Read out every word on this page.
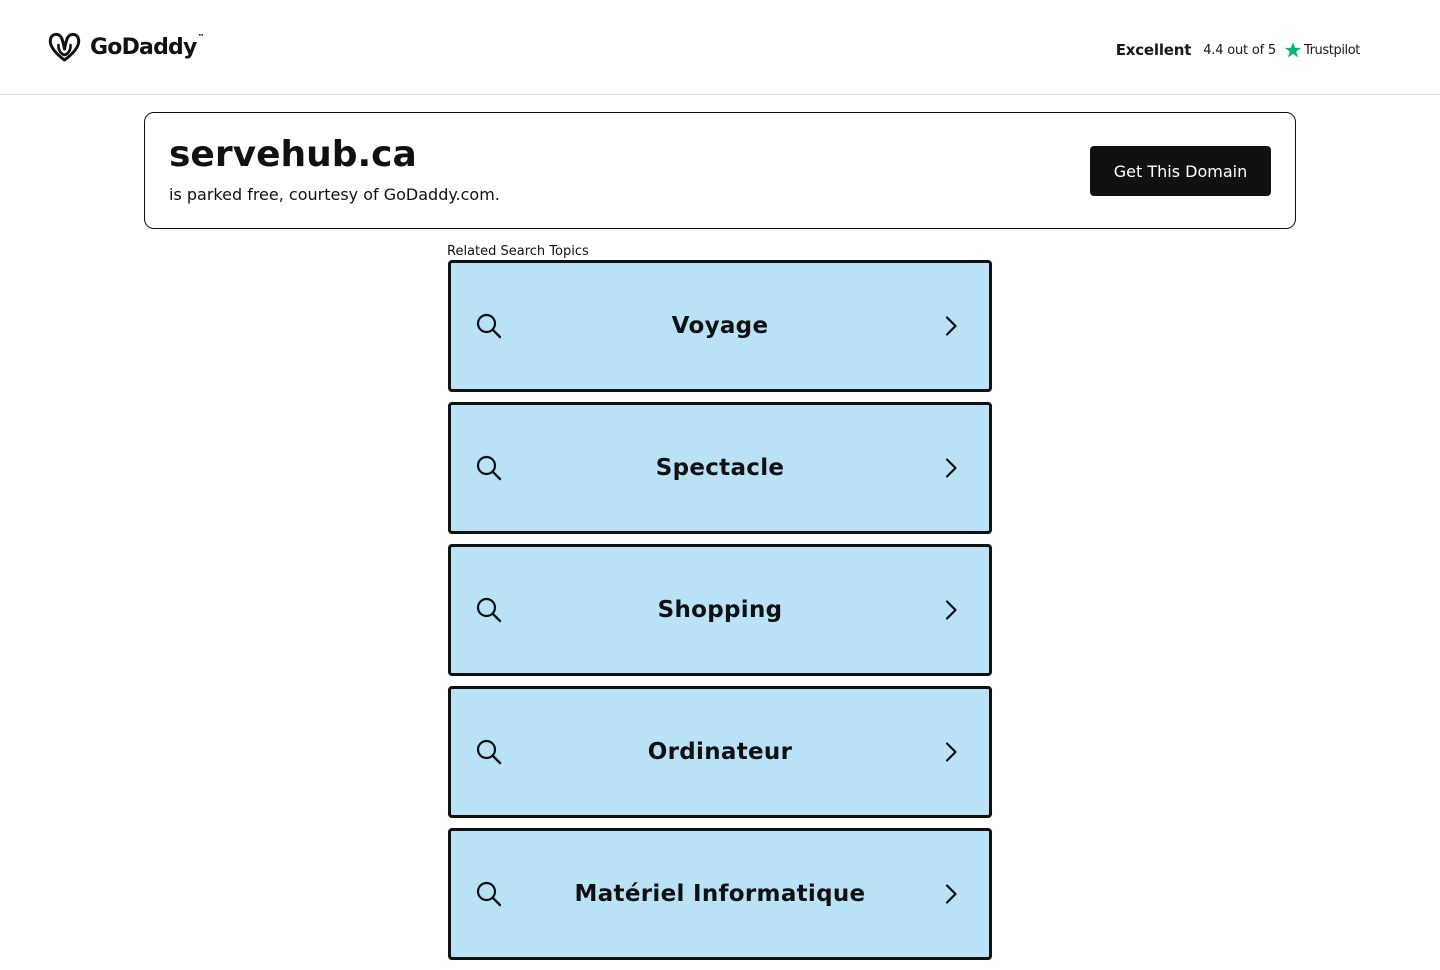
GoDaddy™
Excellent 4.4 out of 5 Trustpilot
servehub.ca
is parked free, courtesy of GoDaddy.com.
Get This Domain
Related Search Topics
Voyage
Spectacle
Shopping
Ordinateur
Matériel Informatique
